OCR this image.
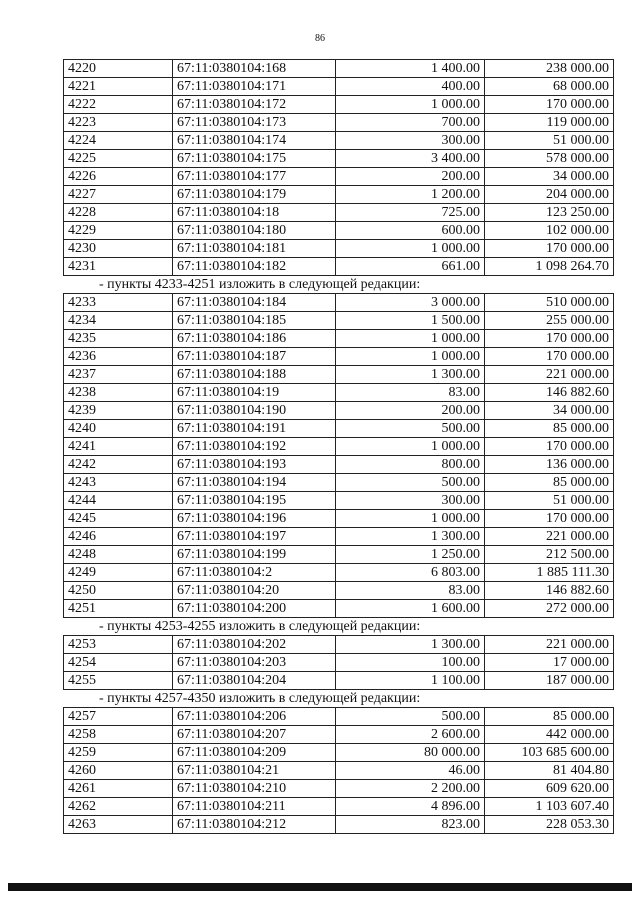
86
4220	67:11:0380104:168	1 400.00	238 000.00
4221	67:11:0380104:171	400.00	68 000.00
4222	67:11:0380104:172	1 000.00	170 000.00
4223	67:11:0380104:173	700.00	119 000.00
4224	67:11:0380104:174	300.00	51 000.00
4225	67:11:0380104:175	3 400.00	578 000.00
4226	67:11:0380104:177	200.00	34 000.00
4227	67:11:0380104:179	1 200.00	204 000.00
4228	67:11:0380104:18	725.00	123 250.00
4229	67:11:0380104:180	600.00	102 000.00
4230	67:11:0380104:181	1 000.00	170 000.00
4231	67:11:0380104:182	661.00	1 098 264.70
- пункты 4233-4251 изложить в следующей редакции:
4233	67:11:0380104:184	3 000.00	510 000.00
4234	67:11:0380104:185	1 500.00	255 000.00
4235	67:11:0380104:186	1 000.00	170 000.00
4236	67:11:0380104:187	1 000.00	170 000.00
4237	67:11:0380104:188	1 300.00	221 000.00
4238	67:11:0380104:19	83.00	146 882.60
4239	67:11:0380104:190	200.00	34 000.00
4240	67:11:0380104:191	500.00	85 000.00
4241	67:11:0380104:192	1 000.00	170 000.00
4242	67:11:0380104:193	800.00	136 000.00
4243	67:11:0380104:194	500.00	85 000.00
4244	67:11:0380104:195	300.00	51 000.00
4245	67:11:0380104:196	1 000.00	170 000.00
4246	67:11:0380104:197	1 300.00	221 000.00
4248	67:11:0380104:199	1 250.00	212 500.00
4249	67:11:0380104:2	6 803.00	1 885 111.30
4250	67:11:0380104:20	83.00	146 882.60
4251	67:11:0380104:200	1 600.00	272 000.00
- пункты 4253-4255 изложить в следующей редакции:
4253	67:11:0380104:202	1 300.00	221 000.00
4254	67:11:0380104:203	100.00	17 000.00
4255	67:11:0380104:204	1 100.00	187 000.00
- пункты 4257-4350 изложить в следующей редакции:
4257	67:11:0380104:206	500.00	85 000.00
4258	67:11:0380104:207	2 600.00	442 000.00
4259	67:11:0380104:209	80 000.00	103 685 600.00
4260	67:11:0380104:21	46.00	81 404.80
4261	67:11:0380104:210	2 200.00	609 620.00
4262	67:11:0380104:211	4 896.00	1 103 607.40
4263	67:11:0380104:212	823.00	228 053.30
